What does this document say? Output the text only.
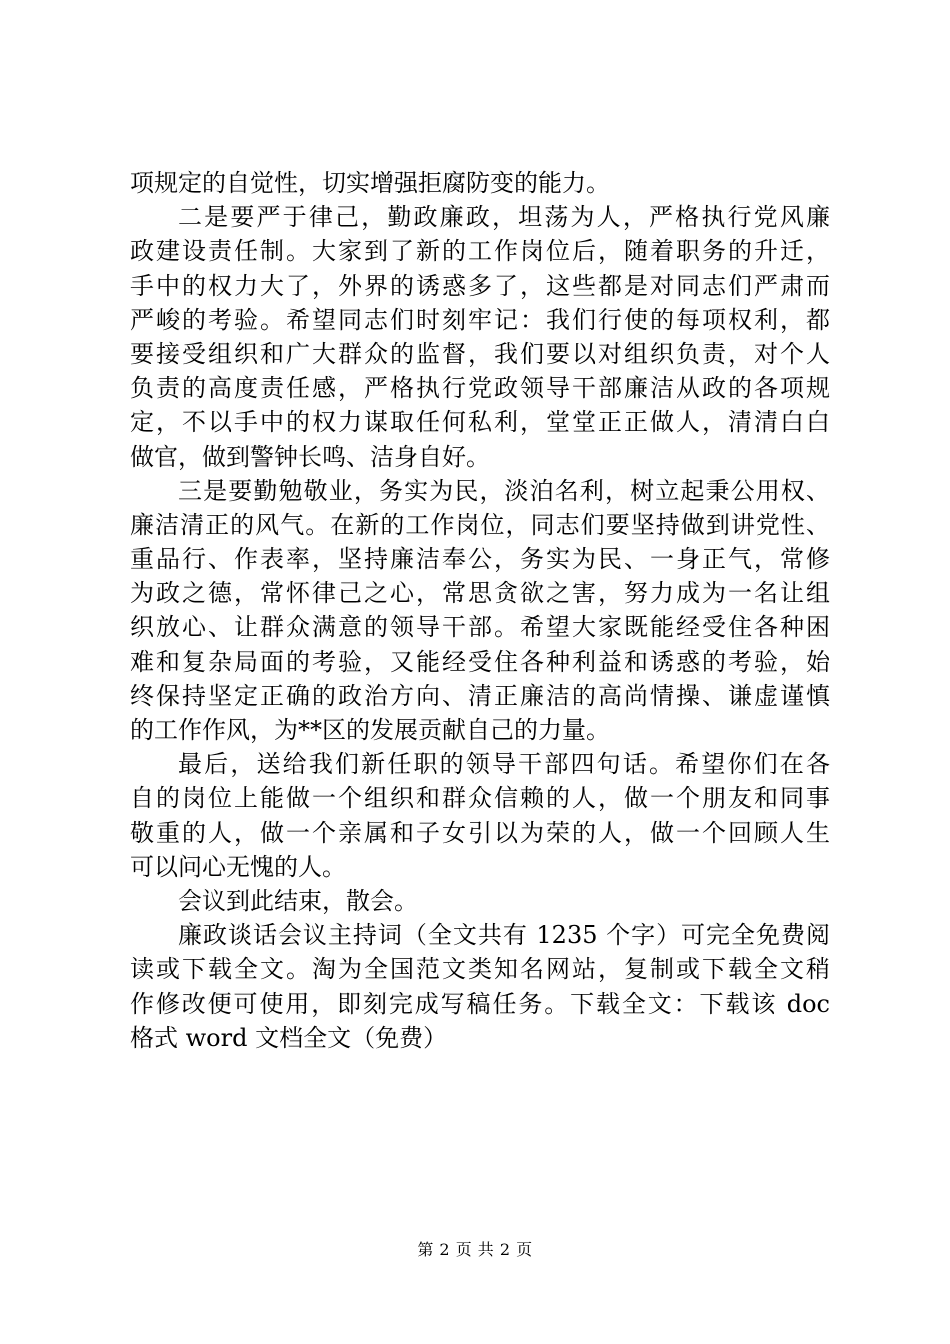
项规定的自觉性，切实增强拒腐防变的能力。
二是要严于律己，勤政廉政，坦荡为人，严格执行党风廉
政建设责任制。大家到了新的工作岗位后，随着职务的升迁，
手中的权力大了，外界的诱惑多了，这些都是对同志们严肃而
严峻的考验。希望同志们时刻牢记：我们行使的每项权利，都
要接受组织和广大群众的监督，我们要以对组织负责，对个人
负责的高度责任感，严格执行党政领导干部廉洁从政的各项规
定，不以手中的权力谋取任何私利，堂堂正正做人，清清白白
做官，做到警钟长鸣、洁身自好。
三是要勤勉敬业，务实为民，淡泊名利，树立起秉公用权、
廉洁清正的风气。在新的工作岗位，同志们要坚持做到讲党性、
重品行、作表率，坚持廉洁奉公，务实为民、一身正气，常修
为政之德，常怀律己之心，常思贪欲之害，努力成为一名让组
织放心、让群众满意的领导干部。希望大家既能经受住各种困
难和复杂局面的考验，又能经受住各种利益和诱惑的考验，始
终保持坚定正确的政治方向、清正廉洁的高尚情操、谦虚谨慎
的工作作风，为**区的发展贡献自己的力量。
最后，送给我们新任职的领导干部四句话。希望你们在各
自的岗位上能做一个组织和群众信赖的人，做一个朋友和同事
敬重的人，做一个亲属和子女引以为荣的人，做一个回顾人生
可以问心无愧的人。
会议到此结束，散会。
廉政谈话会议主持词（全文共有 1235 个字）可完全免费阅
读或下载全文。淘为全国范文类知名网站，复制或下载全文稍
作修改便可使用，即刻完成写稿任务。下载全文：下载该 doc
格式 word 文档全文（免费）
第 2 页 共 2 页
